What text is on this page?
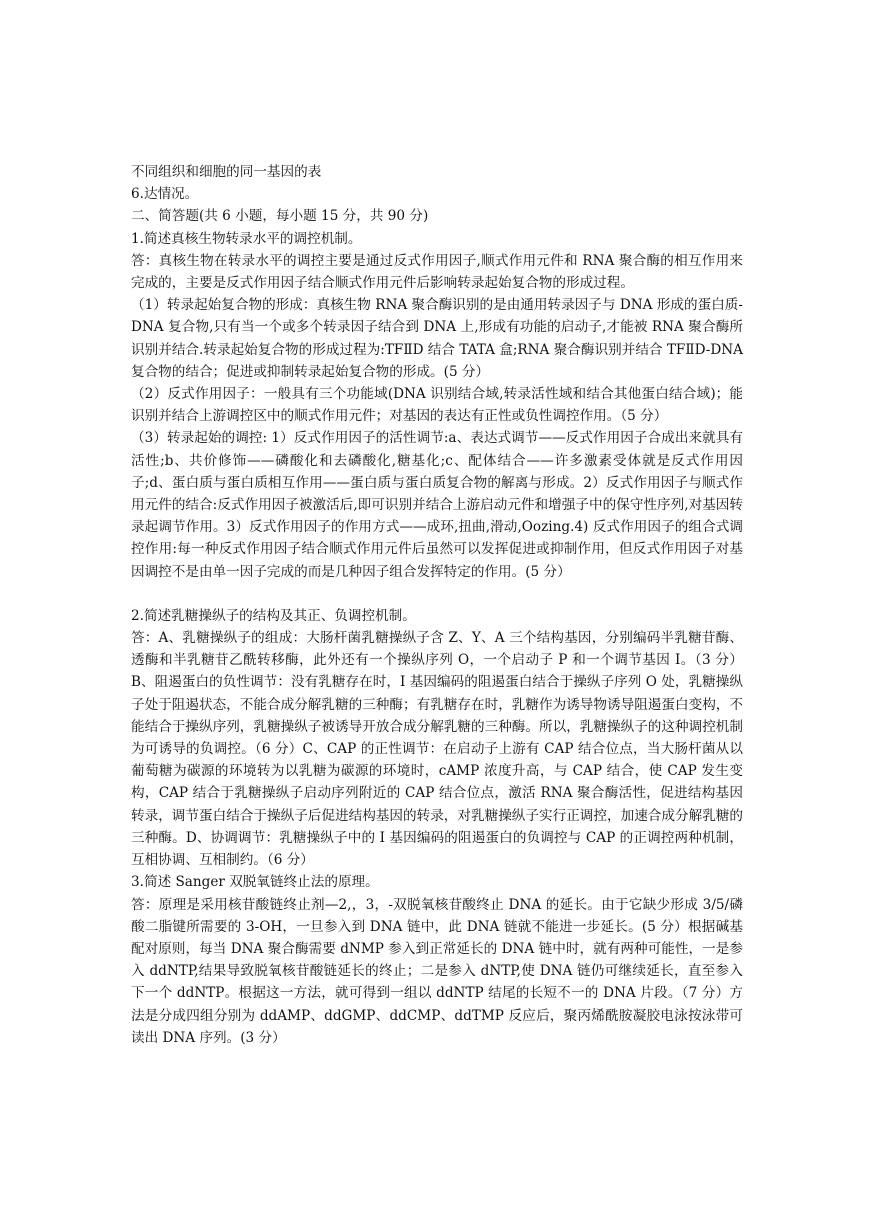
不同组织和细胞的同一基因的表

6.达情况。

二、简答题(共 6 小题，每小题 15 分，共 90 分)

1.简述真核生物转录水平的调控机制。

答：真核生物在转录水平的调控主要是通过反式作用因子,顺式作用元件和 RNA 聚合酶的相互作用来完成的，主要是反式作用因子结合顺式作用元件后影响转录起始复合物的形成过程。

（1）转录起始复合物的形成：真核生物 RNA 聚合酶识别的是由通用转录因子与 DNA 形成的蛋白质-DNA 复合物,只有当一个或多个转录因子结合到 DNA 上,形成有功能的启动子,才能被 RNA 聚合酶所识别并结合.转录起始复合物的形成过程为:TFⅡD 结合 TATA 盒;RNA 聚合酶识别并结合 TFⅡD-DNA 复合物的结合；促进或抑制转录起始复合物的形成。(5 分）

（2）反式作用因子：一般具有三个功能域(DNA 识别结合域,转录活性域和结合其他蛋白结合域)；能识别并结合上游调控区中的顺式作用元件；对基因的表达有正性或负性调控作用。（5 分）

（3）转录起始的调控: 1）反式作用因子的活性调节:a、表达式调节——反式作用因子合成出来就具有活性;b、共价修饰——磷酸化和去磷酸化,糖基化;c、配体结合——许多激素受体就是反式作用因子;d、蛋白质与蛋白质相互作用——蛋白质与蛋白质复合物的解离与形成。2）反式作用因子与顺式作用元件的结合:反式作用因子被激活后,即可识别并结合上游启动元件和增强子中的保守性序列,对基因转录起调节作用。3）反式作用因子的作用方式——成环,扭曲,滑动,Oozing.4) 反式作用因子的组合式调控作用:每一种反式作用因子结合顺式作用元件后虽然可以发挥促进或抑制作用，但反式作用因子对基因调控不是由单一因子完成的而是几种因子组合发挥特定的作用。(5 分）

2.简述乳糖操纵子的结构及其正、负调控机制。

答：A、乳糖操纵子的组成：大肠杆菌乳糖操纵子含 Z、Y、A 三个结构基因，分别编码半乳糖苷酶、透酶和半乳糖苷乙酰转移酶，此外还有一个操纵序列 O，一个启动子 P 和一个调节基因 I。（3 分）B、阻遏蛋白的负性调节：没有乳糖存在时，I 基因编码的阻遏蛋白结合于操纵子序列 O 处，乳糖操纵子处于阻遏状态，不能合成分解乳糖的三种酶；有乳糖存在时，乳糖作为诱导物诱导阻遏蛋白变构，不能结合于操纵序列，乳糖操纵子被诱导开放合成分解乳糖的三种酶。所以，乳糖操纵子的这种调控机制为可诱导的负调控。（6 分）C、CAP 的正性调节：在启动子上游有 CAP 结合位点，当大肠杆菌从以葡萄糖为碳源的环境转为以乳糖为碳源的环境时，cAMP 浓度升高，与 CAP 结合，使 CAP 发生变构，CAP 结合于乳糖操纵子启动序列附近的 CAP 结合位点，激活 RNA 聚合酶活性，促进结构基因转录，调节蛋白结合于操纵子后促进结构基因的转录，对乳糖操纵子实行正调控，加速合成分解乳糖的三种酶。D、协调调节：乳糖操纵子中的 I 基因编码的阻遏蛋白的负调控与 CAP 的正调控两种机制，互相协调、互相制约。（6 分）

3.简述 Sanger 双脱氧链终止法的原理。

答：原理是采用核苷酸链终止剂—2,，3，-双脱氧核苷酸终止 DNA 的延长。由于它缺少形成 3/5/磷酸二脂键所需要的 3-OH，一旦参入到 DNA 链中，此 DNA 链就不能进一步延长。(5 分）根据碱基配对原则，每当 DNA 聚合酶需要 dNMP 参入到正常延长的 DNA 链中时，就有两种可能性，一是参入 ddNTP,结果导致脱氧核苷酸链延长的终止；二是参入 dNTP,使 DNA 链仍可继续延长，直至参入下一个 ddNTP。根据这一方法，就可得到一组以 ddNTP 结尾的长短不一的 DNA 片段。（7 分）方法是分成四组分别为 ddAMP、ddGMP、ddCMP、ddTMP 反应后，聚丙烯酰胺凝胶电泳按泳带可读出 DNA 序列。(3 分）
